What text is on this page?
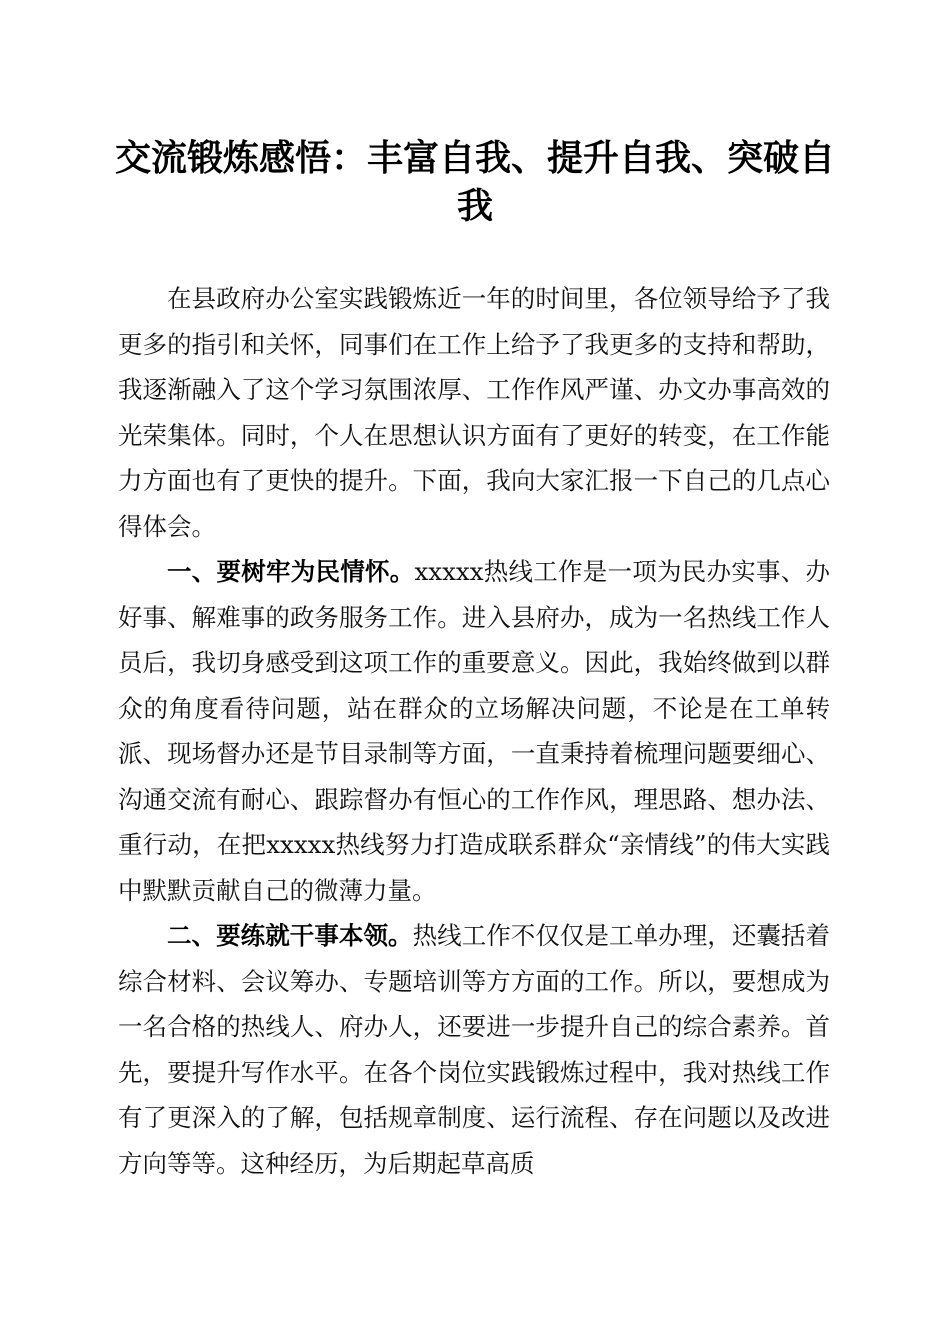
交流锻炼感悟：丰富自我、提升自我、突破自我

在县政府办公室实践锻炼近一年的时间里，各位领导给予了我更多的指引和关怀，同事们在工作上给予了我更多的支持和帮助，我逐渐融入了这个学习氛围浓厚、工作作风严谨、办文办事高效的光荣集体。同时，个人在思想认识方面有了更好的转变，在工作能力方面也有了更快的提升。下面，我向大家汇报一下自己的几点心得体会。

一、要树牢为民情怀。xxxxx热线工作是一项为民办实事、办好事、解难事的政务服务工作。进入县府办，成为一名热线工作人员后，我切身感受到这项工作的重要意义。因此，我始终做到以群众的角度看待问题，站在群众的立场解决问题，不论是在工单转派、现场督办还是节目录制等方面，一直秉持着梳理问题要细心、沟通交流有耐心、跟踪督办有恒心的工作作风，理思路、想办法、重行动，在把xxxxx热线努力打造成联系群众“亲情线”的伟大实践中默默贡献自己的微薄力量。

二、要练就干事本领。热线工作不仅仅是工单办理，还囊括着综合材料、会议筹办、专题培训等方方面的工作。所以，要想成为一名合格的热线人、府办人，还要进一步提升自己的综合素养。首先，要提升写作水平。在各个岗位实践锻炼过程中，我对热线工作有了更深入的了解，包括规章制度、运行流程、存在问题以及改进方向等等。这种经历，为后期起草高质
